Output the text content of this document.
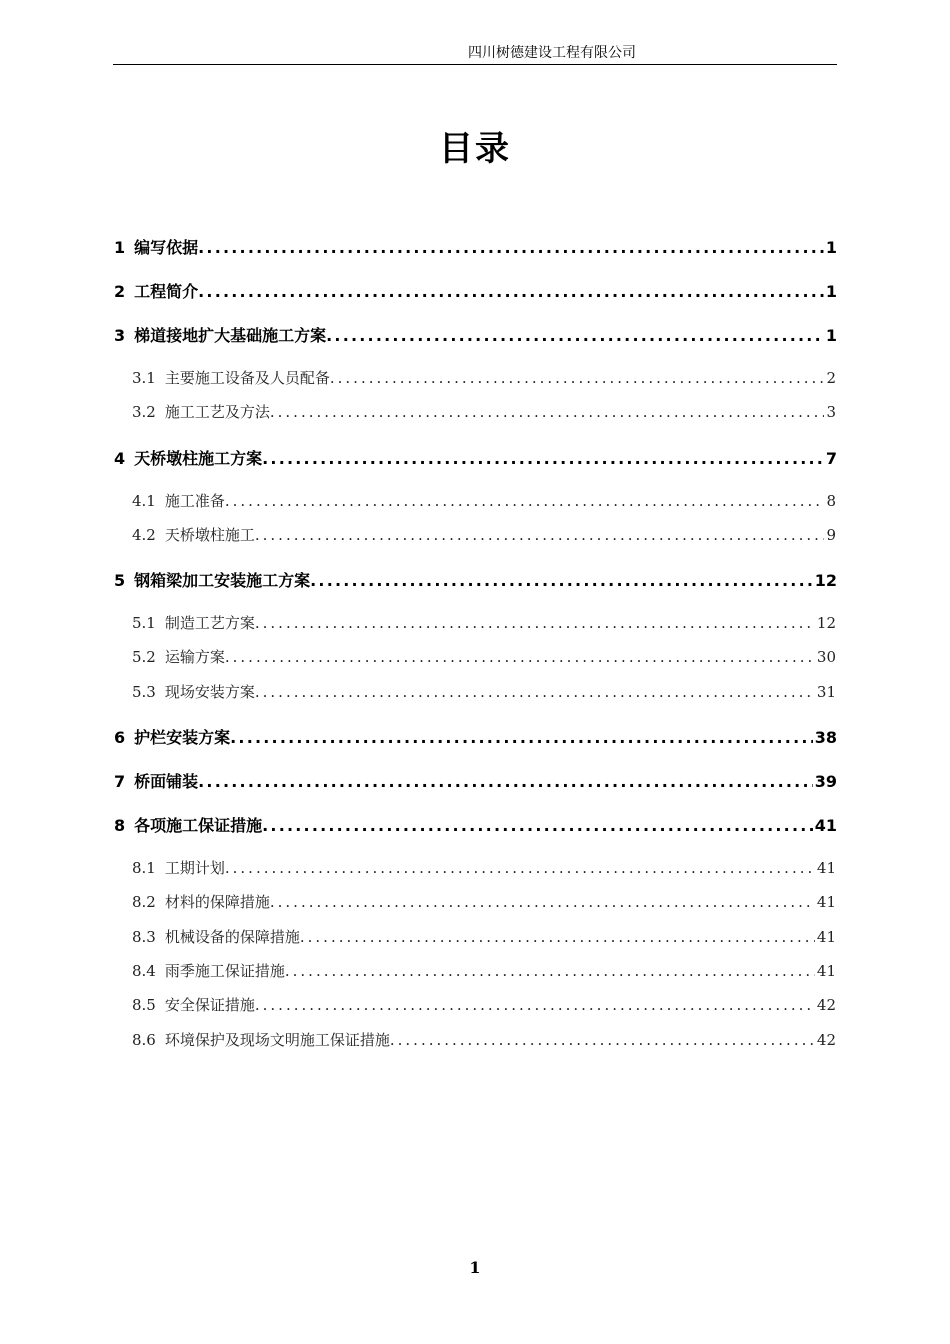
四川树德建设工程有限公司
目录
1 编写依据 .....	1
2 工程简介 .....	1
3 梯道接地扩大基础施工方案 .....	1
3.1 主要施工设备及人员配备 .....	2
3.2 施工工艺及方法 .....	3
4 天桥墩柱施工方案 .....	7
4.1 施工准备 .....	8
4.2 天桥墩柱施工 .....	9
5 钢箱梁加工安装施工方案 .....	12
5.1 制造工艺方案 .....	12
5.2 运输方案 .....	30
5.3 现场安装方案 .....	31
6 护栏安装方案 .....	38
7 桥面铺装 .....	39
8 各项施工保证措施 .....	41
8.1 工期计划 .....	41
8.2 材料的保障措施 .....	41
8.3 机械设备的保障措施 .....	41
8.4 雨季施工保证措施 .....	41
8.5 安全保证措施 .....	42
8.6 环境保护及现场文明施工保证措施 .....	42
1
